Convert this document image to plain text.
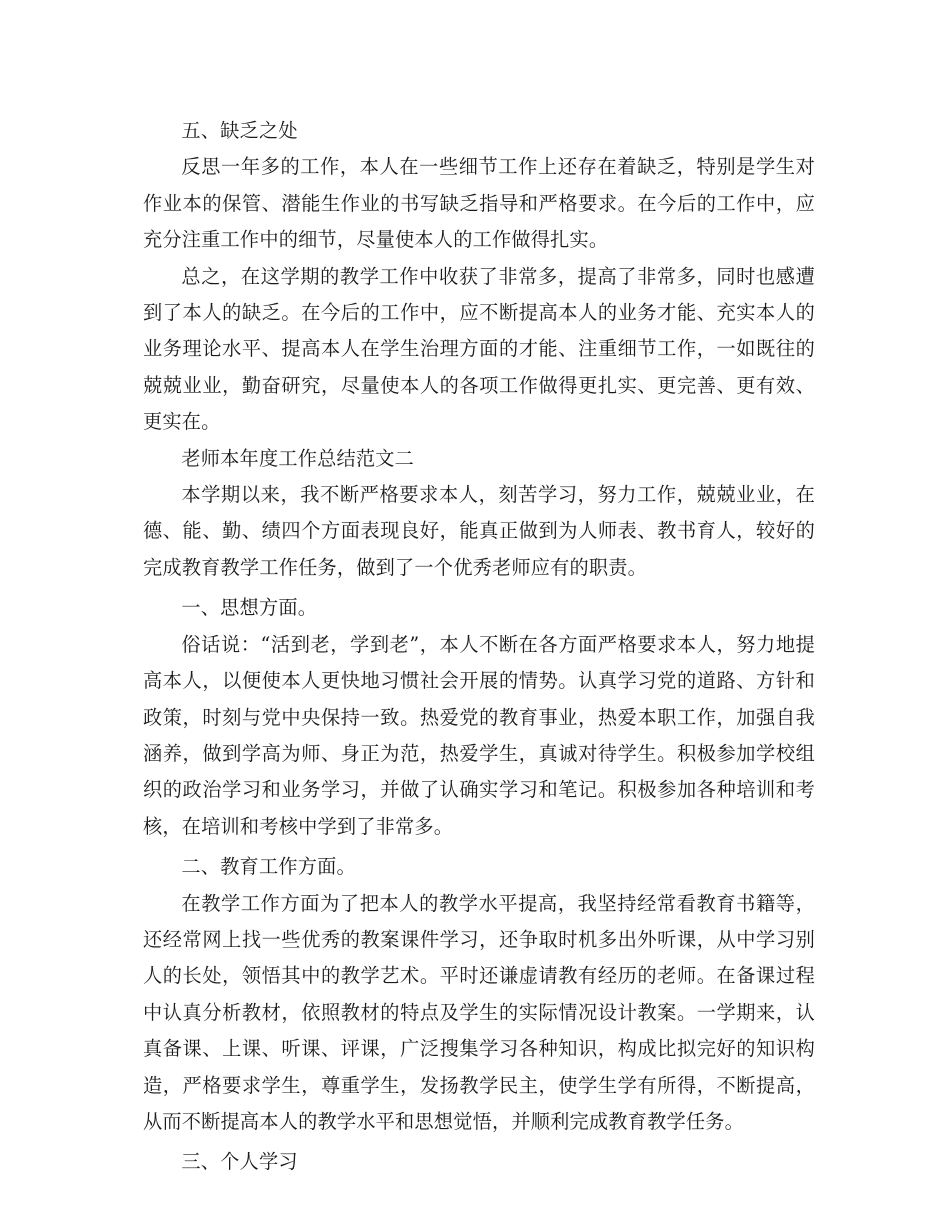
五、缺乏之处

反思一年多的工作，本人在一些细节工作上还存在着缺乏，特别是学生对作业本的保管、潜能生作业的书写缺乏指导和严格要求。在今后的工作中，应充分注重工作中的细节，尽量使本人的工作做得扎实。

总之，在这学期的教学工作中收获了非常多，提高了非常多，同时也感遭到了本人的缺乏。在今后的工作中，应不断提高本人的业务才能、充实本人的业务理论水平、提高本人在学生治理方面的才能、注重细节工作，一如既往的兢兢业业，勤奋研究，尽量使本人的各项工作做得更扎实、更完善、更有效、更实在。

老师本年度工作总结范文二

本学期以来，我不断严格要求本人，刻苦学习，努力工作，兢兢业业，在德、能、勤、绩四个方面表现良好，能真正做到为人师表、教书育人，较好的完成教育教学工作任务，做到了一个优秀老师应有的职责。

一、思想方面。

俗话说：“活到老，学到老”，本人不断在各方面严格要求本人，努力地提高本人，以便使本人更快地习惯社会开展的情势。认真学习党的道路、方针和政策，时刻与党中央保持一致。热爱党的教育事业，热爱本职工作，加强自我涵养，做到学高为师、身正为范，热爱学生，真诚对待学生。积极参加学校组织的政治学习和业务学习，并做了认确实学习和笔记。积极参加各种培训和考核，在培训和考核中学到了非常多。

二、教育工作方面。

在教学工作方面为了把本人的教学水平提高，我坚持经常看教育书籍等，还经常网上找一些优秀的教案课件学习，还争取时机多出外听课，从中学习别人的长处，领悟其中的教学艺术。平时还谦虚请教有经历的老师。在备课过程中认真分析教材，依照教材的特点及学生的实际情况设计教案。一学期来，认真备课、上课、听课、评课，广泛搜集学习各种知识，构成比拟完好的知识构造，严格要求学生，尊重学生，发扬教学民主，使学生学有所得，不断提高，从而不断提高本人的教学水平和思想觉悟，并顺利完成教育教学任务。

三、个人学习
